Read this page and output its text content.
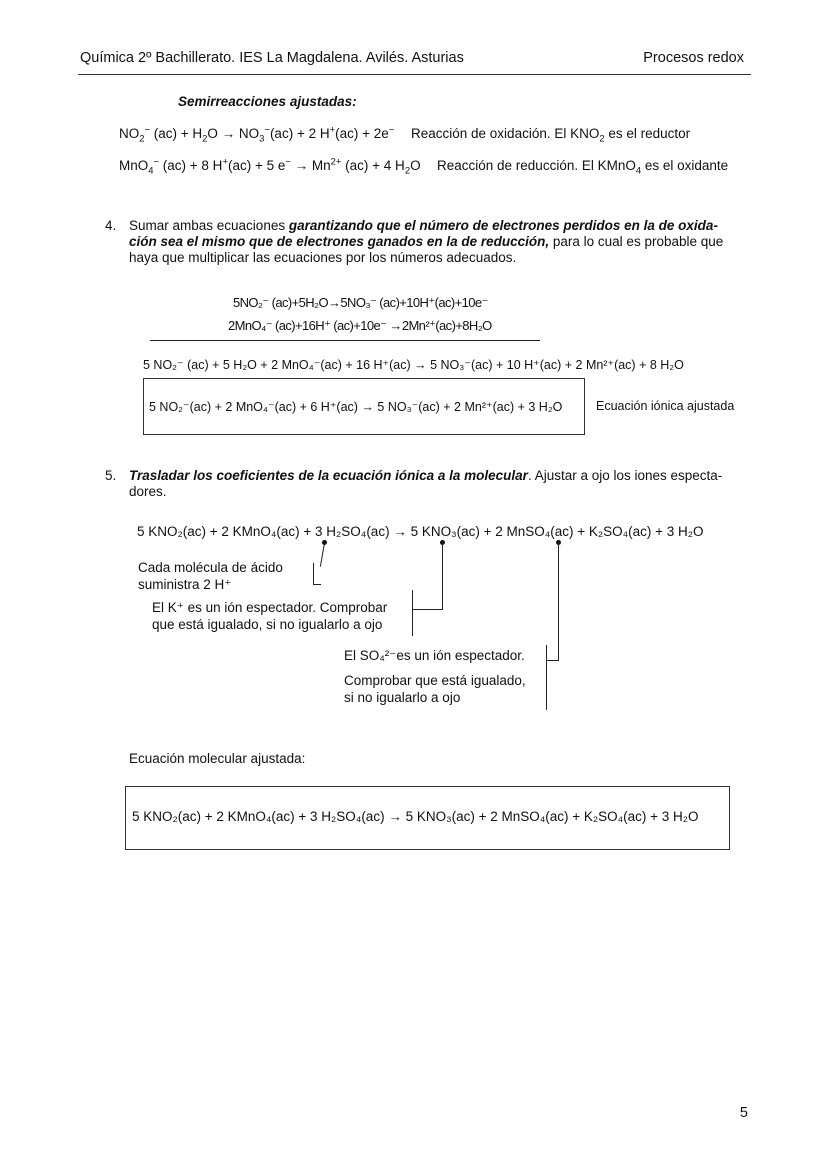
Química 2º Bachillerato. IES La Magdalena. Avilés. Asturias	Procesos redox
Semirreacciones ajustadas:
$NO_2^-$ $(ac) + H_2O \to NO_3^-(ac) + 2$ H+(ac) + 2e− Reacción de oxidación. El $KNO_2$ es el reductor
MnO$_4$− (ac) + 8 H+(ac) + 5 $e^- \to Mn^{2+}$ (ac) + 4 $H_2O$ Reacción de reducción. El KMnO$_4$ es el oxidante
4. Sumar ambas ecuaciones garantizando que el número de electrones perdidos en la de oxida-
ción sea el mismo que de electrones ganados en la de reducción, para lo cual es probable que
haya que multiplicar las ecuaciones por los números adecuados.
5NO₂⁻ (ac)+5H₂O→5NO₃⁻ (ac)+10H⁺(ac)+10e⁻
2MnO₄⁻ (ac)+16H⁺ (ac)+10e⁻ →2Mn²⁺(ac)+8H₂O
5 NO₂⁻ (ac) + 5 H₂O + 2 MnO₄⁻(ac) + 16 H⁺(ac) → 5 NO₃⁻(ac) + 10 H⁺(ac) + 2 Mn²⁺(ac) + 8 H₂O
5 NO₂⁻(ac) + 2 MnO₄⁻(ac) + 6 H⁺(ac) → 5 NO₃⁻(ac) + 2 Mn²⁺(ac) + 3 H₂O	Ecuación iónica ajustada
5. Trasladar los coeficientes de la ecuación iónica a la molecular. Ajustar a ojo los iones especta-
dores.
5 KNO₂(ac) + 2 KMnO₄(ac) + 3 H₂SO₄(ac) → 5 KNO₃(ac) + 2 MnSO₄(ac) + K₂SO₄(ac) + 3 H₂O
Cada molécula de ácido
suministra 2 H⁺
El K⁺ es un ión espectador. Comprobar
que está igualado, si no igualarlo a ojo
El SO₄²⁻es un ión espectador.
Comprobar que está igualado,
si no igualarlo a ojo
Ecuación molecular ajustada:
5 KNO₂(ac) + 2 KMnO₄(ac) + 3 H₂SO₄(ac) → 5 KNO₃(ac) + 2 MnSO₄(ac) + K₂SO₄(ac) + 3 H₂O
5
